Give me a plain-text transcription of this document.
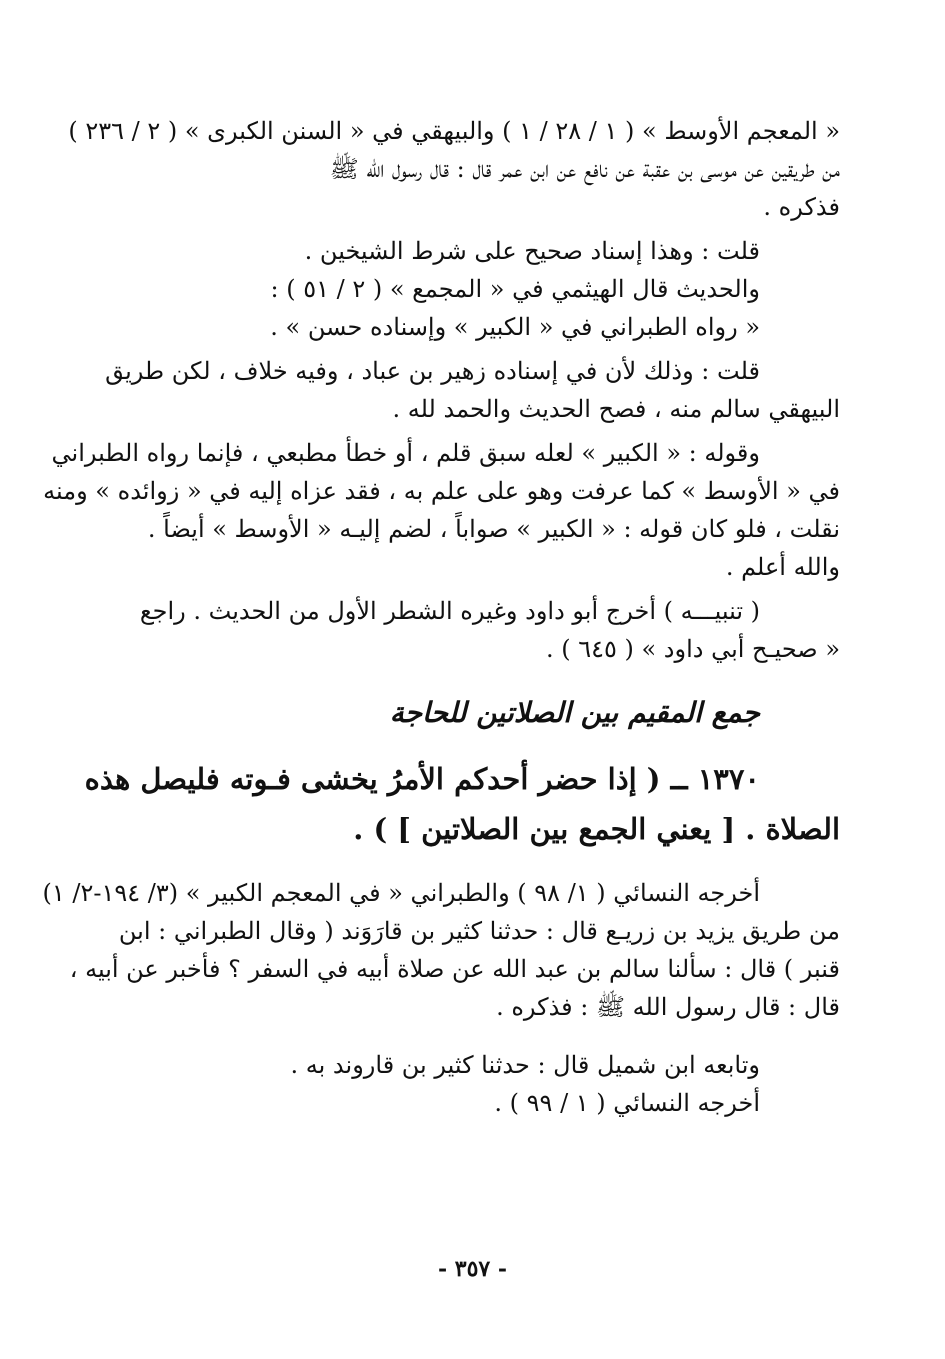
« المعجم الأوسط » ( ١ / ٢٨ / ١ ) والبيهقي في « السنن الكبرى » ( ٢ / ٢٣٦ )
من طريقين عن موسى بن عقبة عن نافع عن ابن عمر قال : قال رسول الله ﷺ
فذكره .
قلت : وهذا إسناد صحيح على شرط الشيخين .
والحديث قال الهيثمي في « المجمع » ( ٢ / ٥١ ) :
« رواه الطبراني في « الكبير » وإسناده حسن » .
قلت : وذلك لأن في إسناده زهير بن عباد ، وفيه خلاف ، لكن طريق
البيهقي سالم منه ، فصح الحديث والحمد لله .
وقوله : « الكبير » لعله سبق قلم ، أو خطأ مطبعي ، فإنما رواه الطبراني
في « الأوسط » كما عرفت وهو على علم به ، فقد عزاه إليه في « زوائده » ومنه
نقلت ، فلو كان قوله : « الكبير » صواباً ، لضم إليـه « الأوسط » أيضاً .
والله أعلم .
( تنبيـــه ) أخرج أبو داود وغيره الشطر الأول من الحديث . راجع
« صحيـح أبي داود » ( ٦٤٥ ) .
جمع المقيم بين الصلاتين للحاجة
١٣٧٠ ــ ( إذا حضر أحدكم الأمرُ يخشى فـوته فليصل هذه
الصلاة . [ يعني الجمع بين الصلاتين ] ) .
أخرجه النسائي ( ١/ ٩٨ ) والطبراني « في المعجم الكبير » (٣/ ١٩٤-٢/ ١)
من طريق يزيد بن زريـع قال : حدثنا كثير بن قارَوَند ( وقال الطبراني : ابن
قنبر ) قال : سألنا سالم بن عبد الله عن صلاة أبيه في السفر ؟ فأخبر عن أبيه ،
قال : قال رسول الله ﷺ : فذكره .
وتابعه ابن شميل قال : حدثنا كثير بن قاروند به .
أخرجه النسائي ( ١ / ٩٩ ) .
- ٣٥٧ -
